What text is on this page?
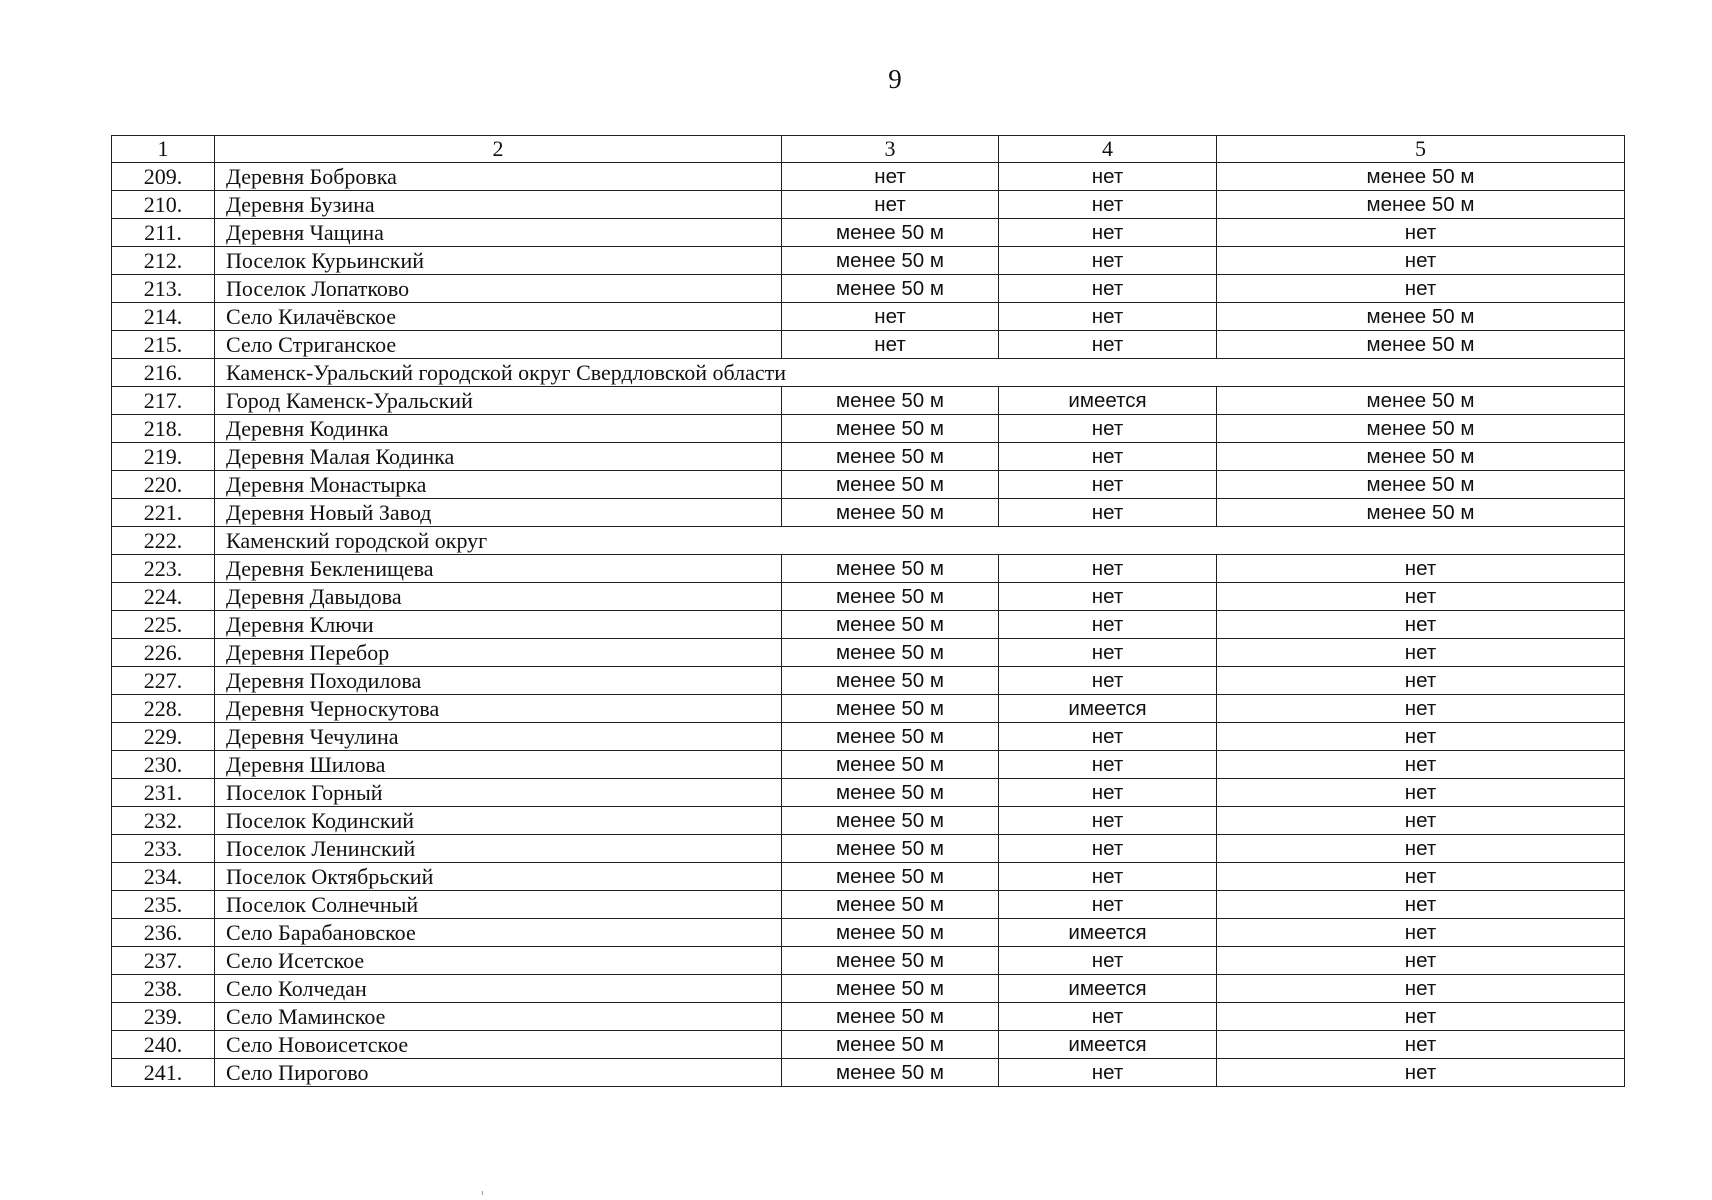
9
1	2	3	4	5
209.	Деревня Бобровка	нет	нет	менее 50 м
210.	Деревня Бузина	нет	нет	менее 50 м
211.	Деревня Чащина	менее 50 м	нет	нет
212.	Поселок Курьинский	менее 50 м	нет	нет
213.	Поселок Лопатково	менее 50 м	нет	нет
214.	Село Килачёвское	нет	нет	менее 50 м
215.	Село Стриганское	нет	нет	менее 50 м
216.	Каменск-Уральский городской округ Свердловской области			
217.	Город Каменск-Уральский	менее 50 м	имеется	менее 50 м
218.	Деревня Кодинка	менее 50 м	нет	менее 50 м
219.	Деревня Малая Кодинка	менее 50 м	нет	менее 50 м
220.	Деревня Монастырка	менее 50 м	нет	менее 50 м
221.	Деревня Новый Завод	менее 50 м	нет	менее 50 м
222.	Каменский городской округ			
223.	Деревня Бекленищева	менее 50 м	нет	нет
224.	Деревня Давыдова	менее 50 м	нет	нет
225.	Деревня Ключи	менее 50 м	нет	нет
226.	Деревня Перебор	менее 50 м	нет	нет
227.	Деревня Походилова	менее 50 м	нет	нет
228.	Деревня Черноскутова	менее 50 м	имеется	нет
229.	Деревня Чечулина	менее 50 м	нет	нет
230.	Деревня Шилова	менее 50 м	нет	нет
231.	Поселок Горный	менее 50 м	нет	нет
232.	Поселок Кодинский	менее 50 м	нет	нет
233.	Поселок Ленинский	менее 50 м	нет	нет
234.	Поселок Октябрьский	менее 50 м	нет	нет
235.	Поселок Солнечный	менее 50 м	нет	нет
236.	Село Барабановское	менее 50 м	имеется	нет
237.	Село Исетское	менее 50 м	нет	нет
238.	Село Колчедан	менее 50 м	имеется	нет
239.	Село Маминское	менее 50 м	нет	нет
240.	Село Новоисетское	менее 50 м	имеется	нет
241.	Село Пирогово	менее 50 м	нет	нет
